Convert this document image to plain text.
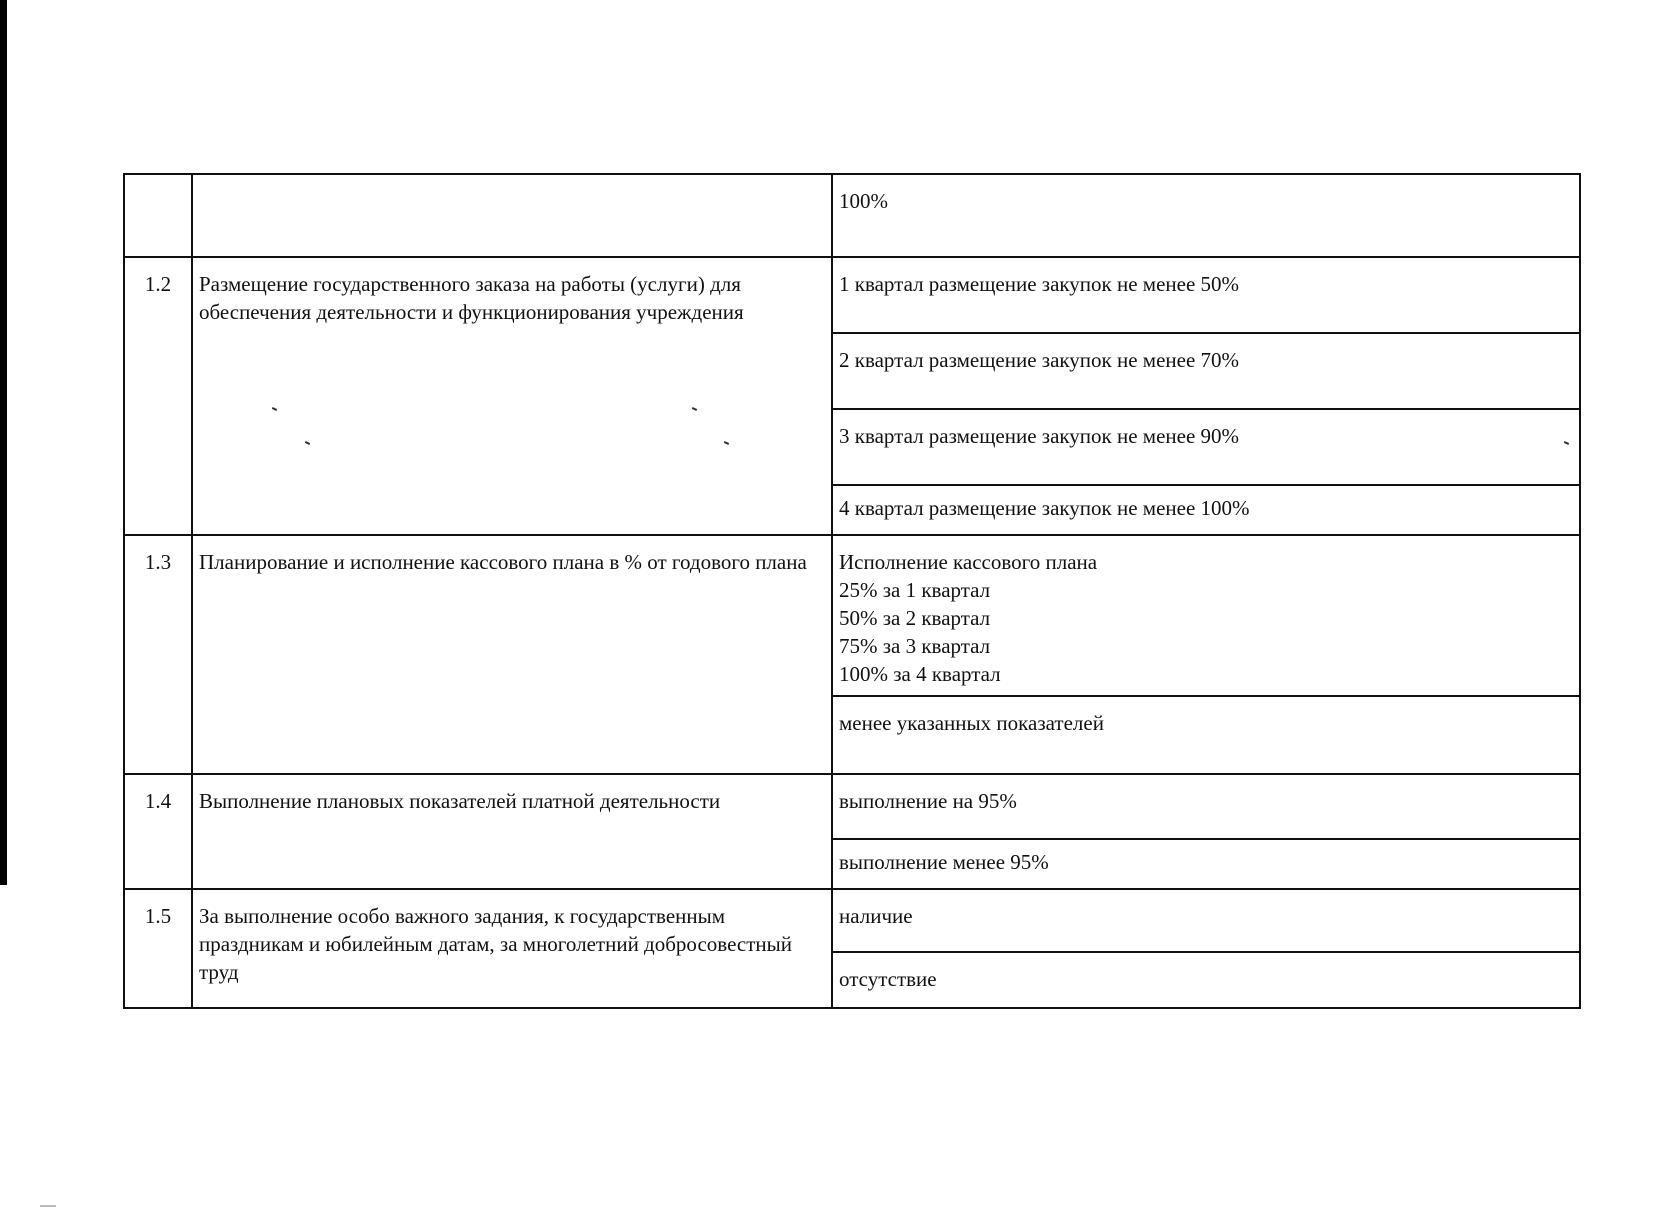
		100%
1.2	Размещение государственного заказа на работы (услуги) для обеспечения деятельности и функционирования учреждения	1 квартал размещение закупок не менее 50%
		2 квартал размещение закупок не менее 70%
		3 квартал размещение закупок не менее 90%
		4 квартал размещение закупок не менее 100%
1.3	Планирование и исполнение кассового плана в % от годового плана	Исполнение кассового плана
25% за 1 квартал
50% за 2 квартал
75% за 3 квартал
100% за 4 квартал

		менее указанных показателей
1.4	Выполнение плановых показателей платной деятельности	выполнение на 95%
		выполнение менее 95%
1.5	За выполнение особо важного задания, к государственным праздникам и юбилейным датам, за многолетний добросовестный труд	наличие
		отсутствие
